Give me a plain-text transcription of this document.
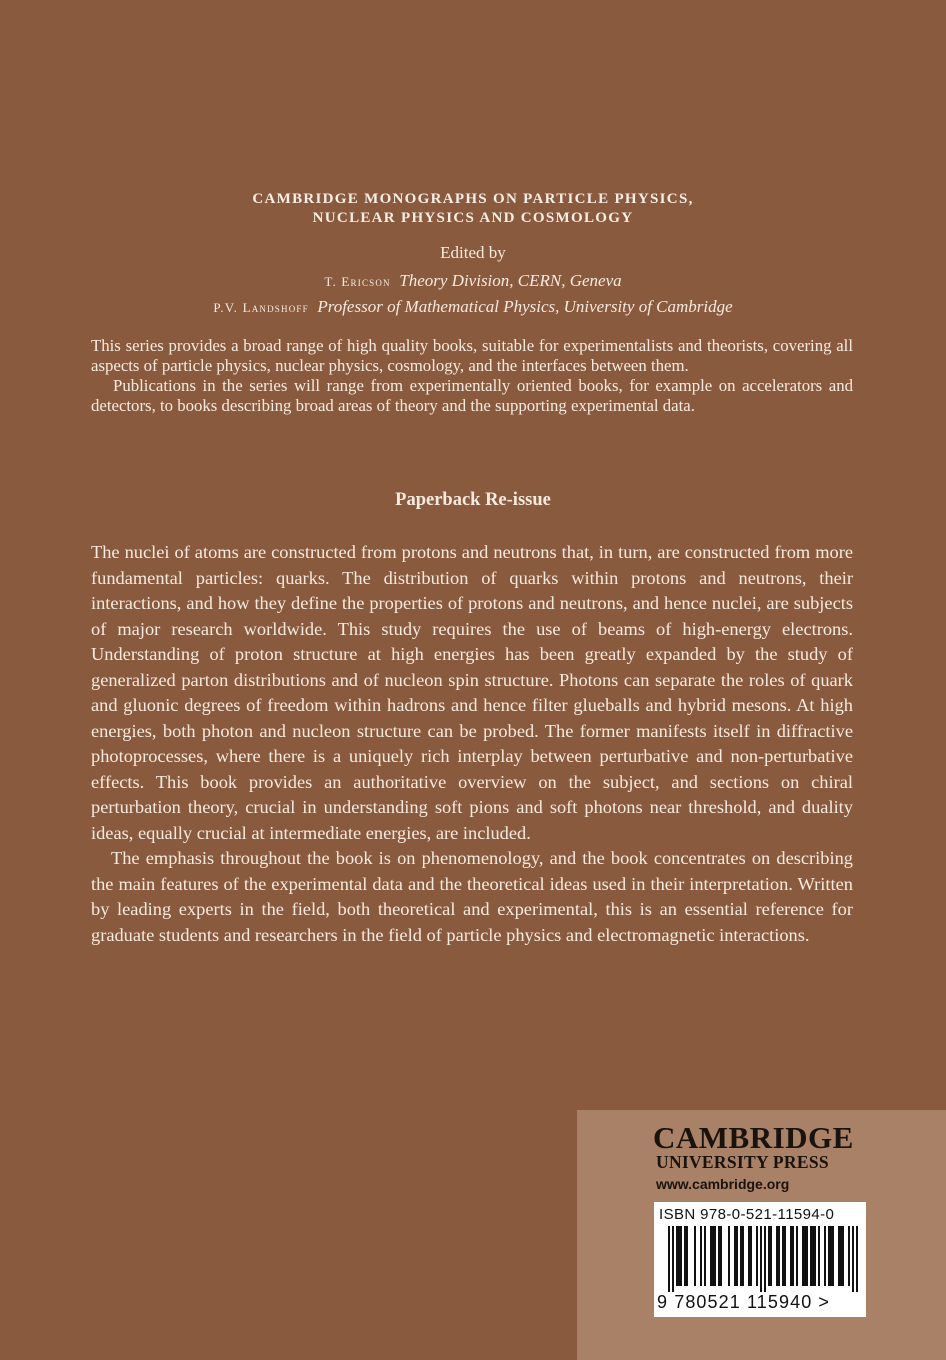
CAMBRIDGE MONOGRAPHS ON PARTICLE PHYSICS,
NUCLEAR PHYSICS AND COSMOLOGY
Edited by
T. Ericson Theory Division, CERN, Geneva
P.V. Landshoff Professor of Mathematical Physics, University of Cambridge

This series provides a broad range of high quality books, suitable for experimentalists and theorists, covering all aspects of particle physics, nuclear physics, cosmology, and the interfaces between them.

Publications in the series will range from experimentally oriented books, for example on accelerators and detectors, to books describing broad areas of theory and the supporting experimental data.

Paperback Re-issue

The nuclei of atoms are constructed from protons and neutrons that, in turn, are constructed from more fundamental particles: quarks. The distribution of quarks within protons and neutrons, their interactions, and how they define the properties of protons and neutrons, and hence nuclei, are subjects of major research worldwide. This study requires the use of beams of high-energy electrons. Understanding of proton structure at high energies has been greatly expanded by the study of generalized parton distributions and of nucleon spin structure. Photons can separate the roles of quark and gluonic degrees of freedom within hadrons and hence filter glueballs and hybrid mesons. At high energies, both photon and nucleon structure can be probed. The former manifests itself in diffractive photoprocesses, where there is a uniquely rich interplay between perturbative and non-perturbative effects. This book provides an authoritative overview on the subject, and sections on chiral perturbation theory, crucial in understanding soft pions and soft photons near threshold, and duality ideas, equally crucial at intermediate energies, are included.

The emphasis throughout the book is on phenomenology, and the book concentrates on describing the main features of the experimental data and the theoretical ideas used in their interpretation. Written by leading experts in the field, both theoretical and experimental, this is an essential reference for graduate students and researchers in the field of particle physics and electromagnetic interactions.

CAMBRIDGE
UNIVERSITY PRESS
www.cambridge.org
ISBN 978-0-521-11594-0
9 780521 115940 >
